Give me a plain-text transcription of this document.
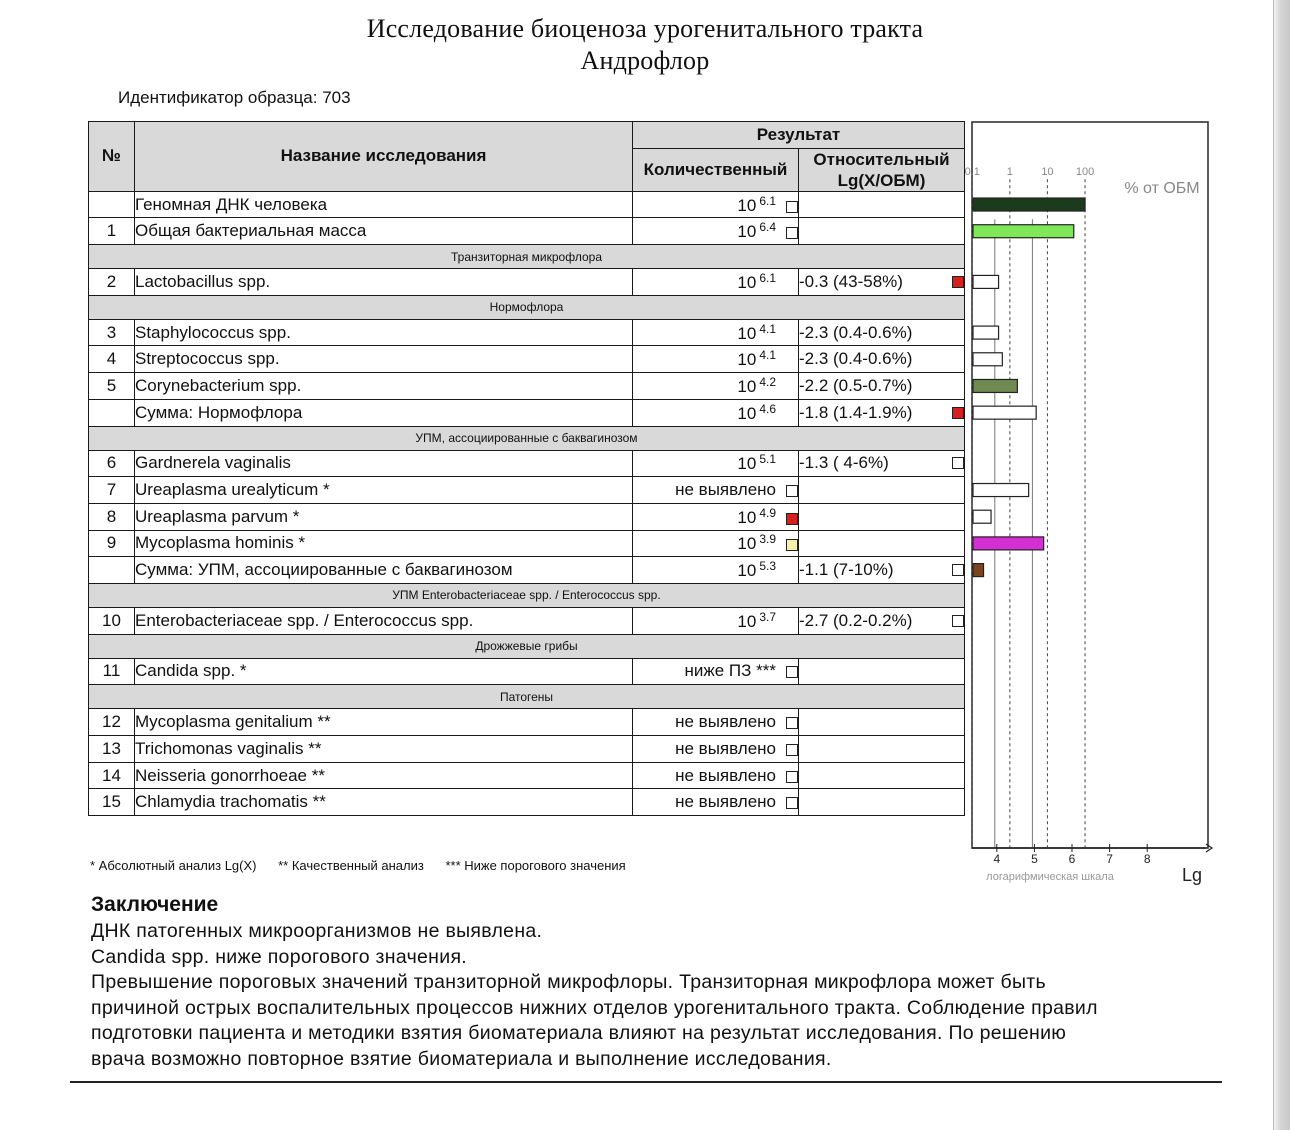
Исследование биоценоза урогенитального тракта
Андрофлор
Идентификатор образца: 703
№	Название исследования	Результат	
		Количественный	Относительный
Lg(X/ОБМ)

	Геномная ДНК человека	10 6.1	

1	Общая бактериальная масса	10 6.4	

Транзиторная микрофлора			
2	Lactobacillus spp.	10 6.1	-0.3 (43-58%)

Нормофлора			
3	Staphylococcus spp.	10 4.1	-2.3 (0.4-0.6%)

4	Streptococcus spp.	10 4.1	-2.3 (0.4-0.6%)

5	Corynebacterium spp.	10 4.2	-2.2 (0.5-0.7%)

	Сумма: Нормофлора	10 4.6	-1.8 (1.4-1.9%)

УПМ, ассоциированные с баквагинозом			
6	Gardnerela vaginalis	10 5.1	-1.3 ( 4-6%)

7	Ureaplasma urealyticum *	не выявлено	

8	Ureaplasma parvum *	10 4.9	

9	Mycoplasma hominis *	10 3.9	

	Сумма: УПМ, ассоциированные с баквагинозом	10 5.3	-1.1 (7-10%)

УПМ Enterobacteriaceae spp. / Enterococcus spp.			
10	Enterobacteriaceae spp. / Enterococcus spp.	10 3.7	-2.7 (0.2-0.2%)

Дрожжевые грибы			
11	Candida spp. *	ниже ПЗ ***	

Патогены			
12	Mycoplasma genitalium **	не выявлено	

13	Trichomonas vaginalis **	не выявлено	

14	Neisseria gonorrhoeae **	не выявлено	

15	Chlamydia trachomatis **	не выявлено	
0.1 1	10 100
% от ОБМ
4	5	6	7	8
логарифмическая шкала	Lg
* Абсолютный анализ Lg(X) ** Качественный анализ *** Ниже порогового значения
Заключение
ДНК патогенных микроорганизмов не выявлена.
Candida spp. ниже порогового значения.
Превышение пороговых значений транзиторной микрофлоры. Транзиторная микрофлора может быть
причиной острых воспалительных процессов нижних отделов урогенитального тракта. Соблюдение правил
подготовки пациента и методики взятия биоматериала влияют на результат исследования. По решению
врача возможно повторное взятие биоматериала и выполнение исследования.
